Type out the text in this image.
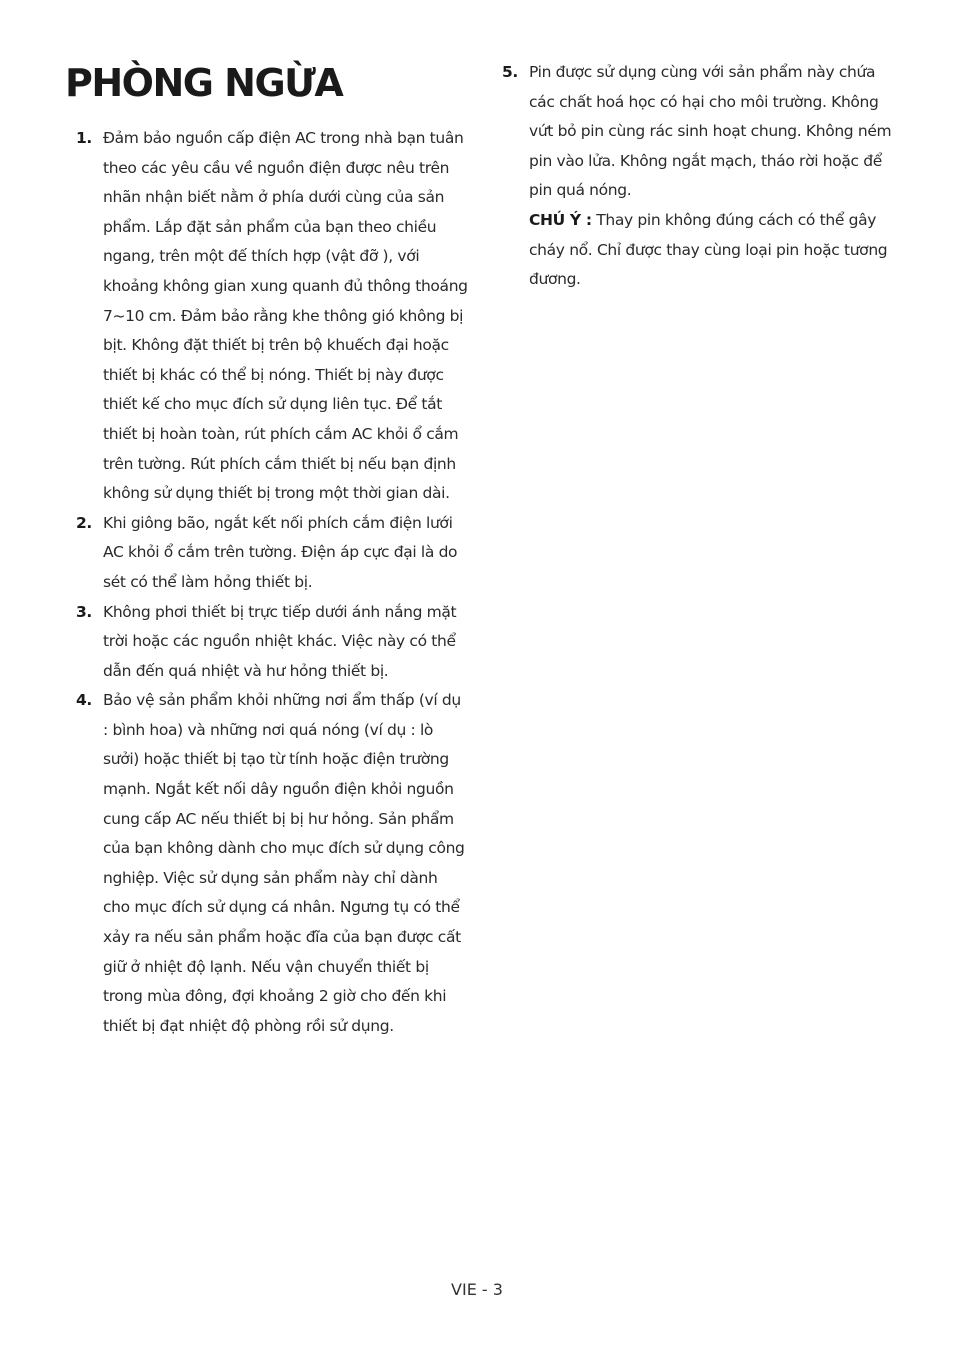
PHÒNG NGỪA
1. Đảm bảo nguồn cấp điện AC trong nhà bạn tuân theo các yêu cầu về nguồn điện được nêu trên nhãn nhận biết nằm ở phía dưới cùng của sản phẩm. Lắp đặt sản phẩm của bạn theo chiều ngang, trên một đế thích hợp (vật đỡ ), với khoảng không gian xung quanh đủ thông thoáng 7~10 cm. Đảm bảo rằng khe thông gió không bị bịt. Không đặt thiết bị trên bộ khuếch đại hoặc thiết bị khác có thể bị nóng. Thiết bị này được thiết kế cho mục đích sử dụng liên tục. Để tắt thiết bị hoàn toàn, rút phích cắm AC khỏi ổ cắm trên tường. Rút phích cắm thiết bị nếu bạn định không sử dụng thiết bị trong một thời gian dài.
2. Khi giông bão, ngắt kết nối phích cắm điện lưới AC khỏi ổ cắm trên tường. Điện áp cực đại là do sét có thể làm hỏng thiết bị.
3. Không phơi thiết bị trực tiếp dưới ánh nắng mặt trời hoặc các nguồn nhiệt khác. Việc này có thể dẫn đến quá nhiệt và hư hỏng thiết bị.
4. Bảo vệ sản phẩm khỏi những nơi ẩm thấp (ví dụ : bình hoa) và những nơi quá nóng (ví dụ : lò sưởi) hoặc thiết bị tạo từ tính hoặc điện trường mạnh. Ngắt kết nối dây nguồn điện khỏi nguồn cung cấp AC nếu thiết bị bị hư hỏng. Sản phẩm của bạn không dành cho mục đích sử dụng công nghiệp. Việc sử dụng sản phẩm này chỉ dành cho mục đích sử dụng cá nhân. Ngưng tụ có thể xảy ra nếu sản phẩm hoặc đĩa của bạn được cất giữ ở nhiệt độ lạnh. Nếu vận chuyển thiết bị trong mùa đông, đợi khoảng 2 giờ cho đến khi thiết bị đạt nhiệt độ phòng rồi sử dụng.
5. Pin được sử dụng cùng với sản phẩm này chứa các chất hoá học có hại cho môi trường. Không vứt bỏ pin cùng rác sinh hoạt chung. Không ném pin vào lửa. Không ngắt mạch, tháo rời hoặc để pin quá nóng.
CHÚ Ý : Thay pin không đúng cách có thể gây cháy nổ. Chỉ được thay cùng loại pin hoặc tương đương.
VIE - 3
